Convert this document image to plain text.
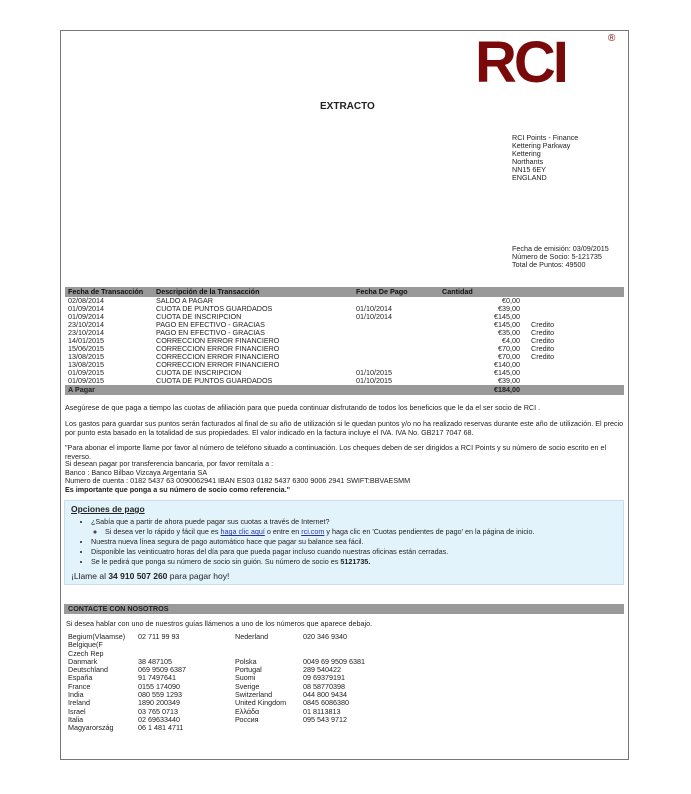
RCI	®
EXTRACTO
RCI Points - Finance
Kettering Parkway
Kettering
Northants
NN15 6EY
ENGLAND
Fecha de emisión: 03/09/2015
Número de Socio: 5-121735
Total de Puntos: 49500
Fecha de Transacción	Descripción de la Transacción	Fecha De Pago	Cantidad	
02/08/2014	SALDO A PAGAR		€0,00	
01/09/2014	CUOTA DE PUNTOS GUARDADOS	01/10/2014	€39,00	
01/09/2014	CUOTA DE INSCRIPCION	01/10/2014	€145,00	
23/10/2014	PAGO EN EFECTIVO - GRACIAS		€145,00	Credito
23/10/2014	PAGO EN EFECTIVO - GRACIAS		€35,00	Credito
14/01/2015	CORRECCION ERROR FINANCIERO		€4,00	Credito
15/06/2015	CORRECCION ERROR FINANCIERO		€70,00	Credito
13/08/2015	CORRECCION ERROR FINANCIERO		€70,00	Credito
13/08/2015	CORRECCION ERROR FINANCIERO		€140,00	
01/09/2015	CUOTA DE INSCRIPCION	01/10/2015	€145,00	
01/09/2015	CUOTA DE PUNTOS GUARDADOS	01/10/2015	€39,00	
A Pagar			€184,00	
Asegúrese de que paga a tiempo las cuotas de afiliación para que pueda continuar disfrutando de todos los beneficios que le da el ser socio de RCI .
Los gastos para guardar sus puntos serán facturados al final de su año de utilización si le quedan puntos y/o no ha realizado reservas durante este año de utilización. El precio por punto esta basado en la totalidad de sus propiedades. El valor indicado en la factura incluye el IVA. IVA No. GB217 7047 68.
"Para abonar el importe llame por favor al número de teléfono situado a continuación. Los cheques deben de ser dirigidos a RCI Points y su número de socio escrito en el reverso.
Si desean pagar por transferencia bancaria, por favor remítala a :
Banco : Banco Bilbao Vizcaya Argentaria SA
Numero de cuenta : 0182 5437 63 0090062941 IBAN ES03 0182 5437 6300 9006 2941 SWIFT:BBVAESMM
Es importante que ponga a su número de socio como referencia."
Opciones de pago
• ¿Sabía que a partir de ahora puede pagar sus cuotas a través de Internet?
◦ Si desea ver lo rápido y fácil que es haga clic aquí o entre en rci.com y haga clic en 'Cuotas pendientes de pago' en la página de inicio.
• Nuestra nueva línea segura de pago automático hace que pagar su balance sea fácil.
• Disponible las veinticuatro horas del día para que pueda pagar incluso cuando nuestras oficinas están cerradas.
• Se le pedirá que ponga su número de socio sin guión. Su número de socio es 5121735.
¡Llame al 34 910 507 260 para pagar hoy!
CONTACTE CON NOSOTROS
Si desea hablar con uno de nuestros guías llámenos a uno de los números que aparece debajo.
Begium(Vlaamse)	02 711 99 93	Nederland	020 346 9340
Belgique(F			
Czech Rep			
Danmark	38 487105	Polska	0049 69 9509 6381
Deutschland	069 9509 6387	Portugal	289 540422
España	91 7497641	Suomi	09 69379191
France	0155 174090	Sverige	08 58770398
India	080 559 1293	Switzerland	044 800 9434
Ireland	1890 200349	United Kingdom	0845 6086380
Israel	03 765 0713	Ελλάδα	01 8113813
Italia	02 69633440	Россия	095 543 9712
Magyarország	06 1 481 4711		
